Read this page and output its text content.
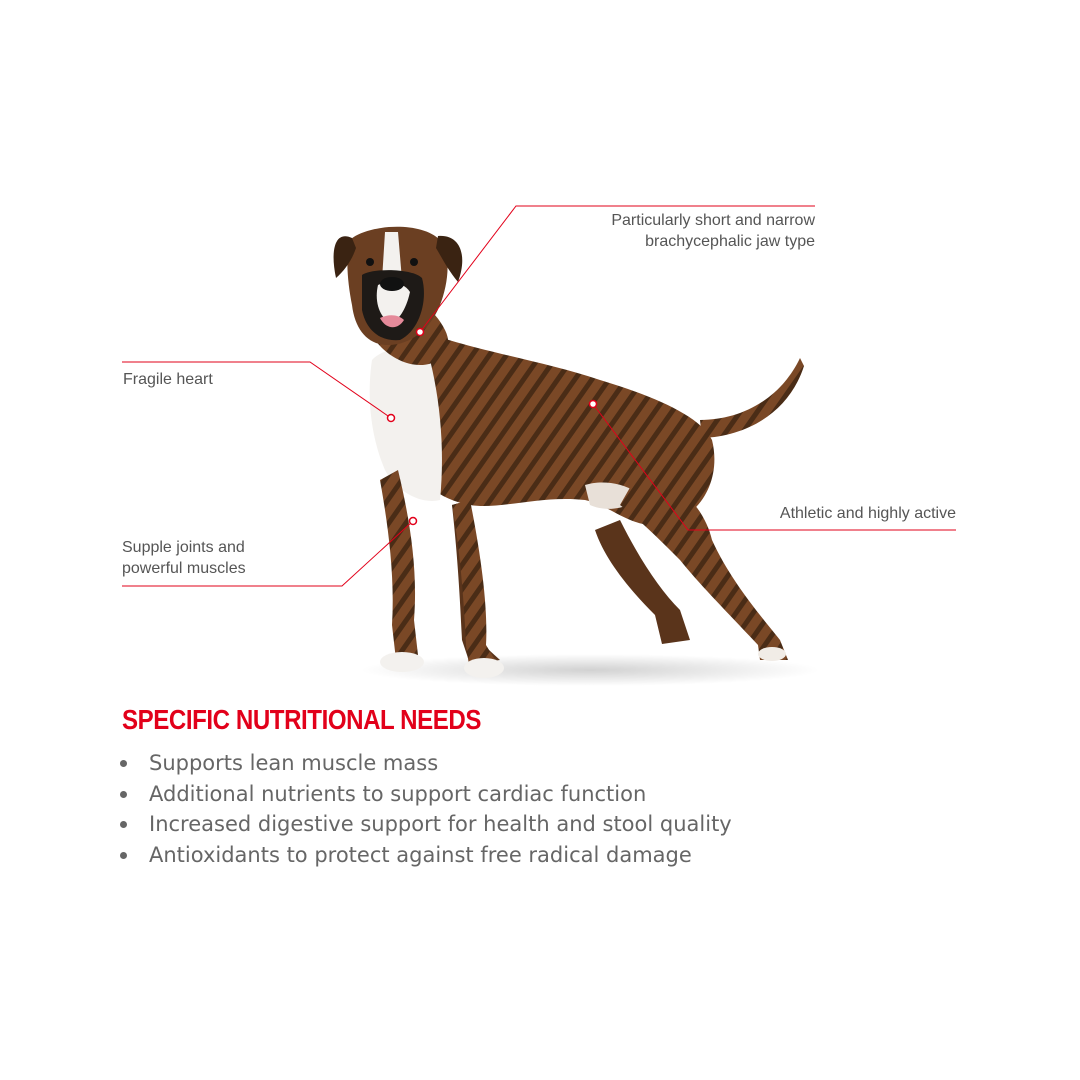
Particularly short and narrow
brachycephalic jaw type
Fragile heart
Supple joints and
powerful muscles
Athletic and highly active
SPECIFIC NUTRITIONAL NEEDS
Supports lean muscle mass
Additional nutrients to support cardiac function
Increased digestive support for health and stool quality
Antioxidants to protect against free radical damage
